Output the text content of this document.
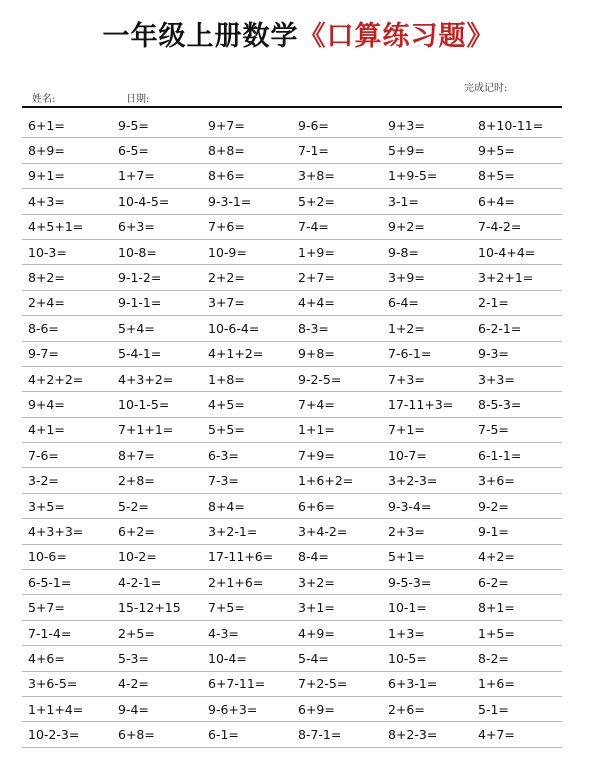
一年级上册数学《口算练习题》
姓名:	日期:
完成记时:
6+1=	9-5=	9+7=	9-6=	9+3=	8+10-11=
8+9=	6-5=	8+8=	7-1=	5+9=	9+5=
9+1=	1+7=	8+6=	3+8=	1+9-5=	8+5=
4+3=	10-4-5=	9-3-1=	5+2=	3-1=	6+4=
4+5+1=	6+3=	7+6=	7-4=	9+2=	7-4-2=
10-3=	10-8=	10-9=	1+9=	9-8=	10-4+4=
8+2=	9-1-2=	2+2=	2+7=	3+9=	3+2+1=
2+4=	9-1-1=	3+7=	4+4=	6-4=	2-1=
8-6=	5+4=	10-6-4=	8-3=	1+2=	6-2-1=
9-7=	5-4-1=	4+1+2=	9+8=	7-6-1=	9-3=
4+2+2=	4+3+2=	1+8=	9-2-5=	7+3=	3+3=
9+4=	10-1-5=	4+5=	7+4=	17-11+3=	8-5-3=
4+1=	7+1+1=	5+5=	1+1=	7+1=	7-5=
7-6=	8+7=	6-3=	7+9=	10-7=	6-1-1=
3-2=	2+8=	7-3=	1+6+2=	3+2-3=	3+6=
3+5=	5-2=	8+4=	6+6=	9-3-4=	9-2=
4+3+3=	6+2=	3+2-1=	3+4-2=	2+3=	9-1=
10-6=	10-2=	17-11+6=	8-4=	5+1=	4+2=
6-5-1=	4-2-1=	2+1+6=	3+2=	9-5-3=	6-2=
5+7=	15-12+15	7+5=	3+1=	10-1=	8+1=
7-1-4=	2+5=	4-3=	4+9=	1+3=	1+5=
4+6=	5-3=	10-4=	5-4=	10-5=	8-2=
3+6-5=	4-2=	6+7-11=	7+2-5=	6+3-1=	1+6=
1+1+4=	9-4=	9-6+3=	6+9=	2+6=	5-1=
10-2-3=	6+8=	6-1=	8-7-1=	8+2-3=	4+7=
